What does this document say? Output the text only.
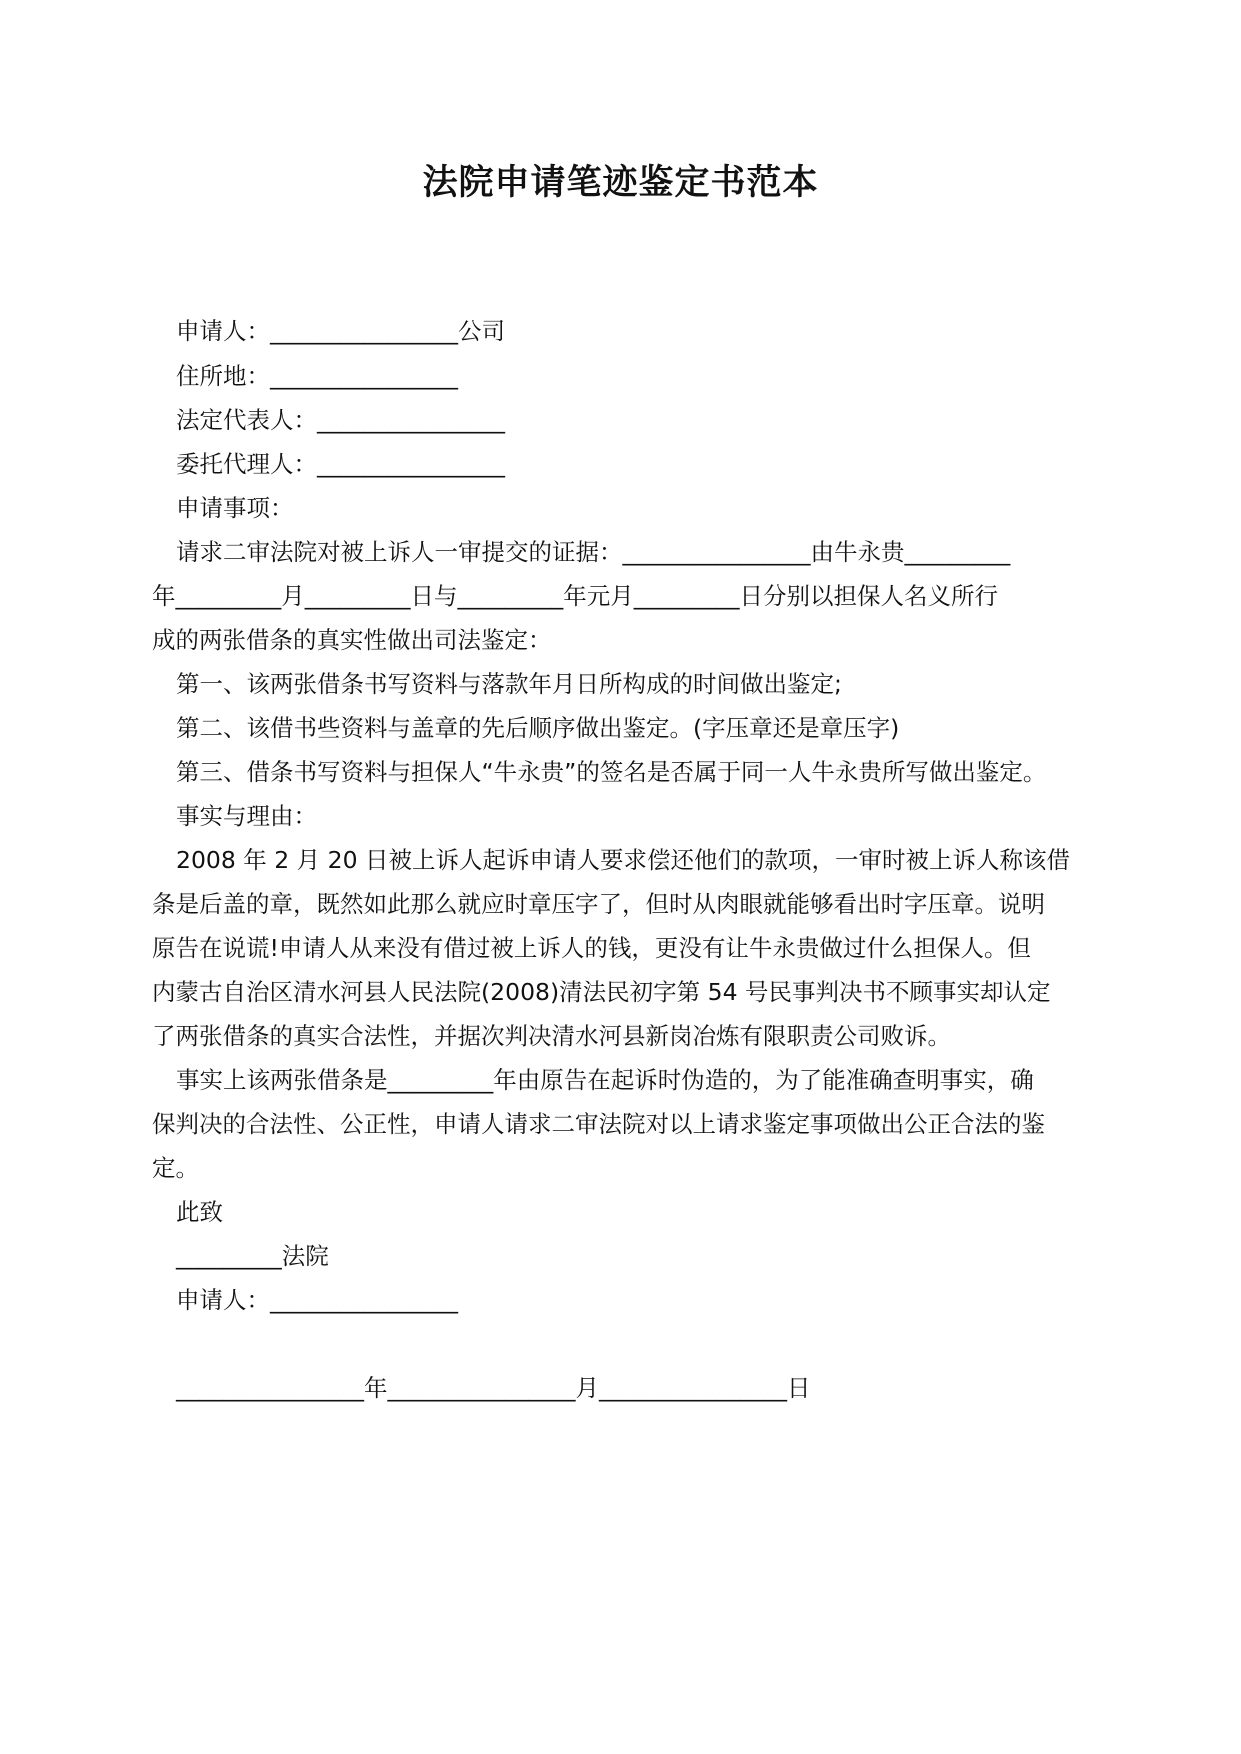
法院申请笔迹鉴定书范本
申请人：________________公司
住所地：________________
法定代表人：________________
委托代理人：________________
申请事项：
请求二审法院对被上诉人一审提交的证据：________________由牛永贵_________
年_________月_________日与_________年元月_________日分别以担保人名义所行
成的两张借条的真实性做出司法鉴定：
第一、该两张借条书写资料与落款年月日所构成的时间做出鉴定;
第二、该借书些资料与盖章的先后顺序做出鉴定。(字压章还是章压字)
第三、借条书写资料与担保人“牛永贵”的签名是否属于同一人牛永贵所写做出鉴定。
事实与理由：
2008 年 2 月 20 日被上诉人起诉申请人要求偿还他们的款项，一审时被上诉人称该借
条是后盖的章，既然如此那么就应时章压字了，但时从肉眼就能够看出时字压章。说明
原告在说谎!申请人从来没有借过被上诉人的钱，更没有让牛永贵做过什么担保人。但
内蒙古自治区清水河县人民法院(2008)清法民初字第 54 号民事判决书不顾事实却认定
了两张借条的真实合法性，并据次判决清水河县新岗冶炼有限职责公司败诉。
事实上该两张借条是_________年由原告在起诉时伪造的，为了能准确查明事实，确
保判决的合法性、公正性，申请人请求二审法院对以上请求鉴定事项做出公正合法的鉴
定。
此致
_________法院
申请人：________________
________________年________________月________________日
